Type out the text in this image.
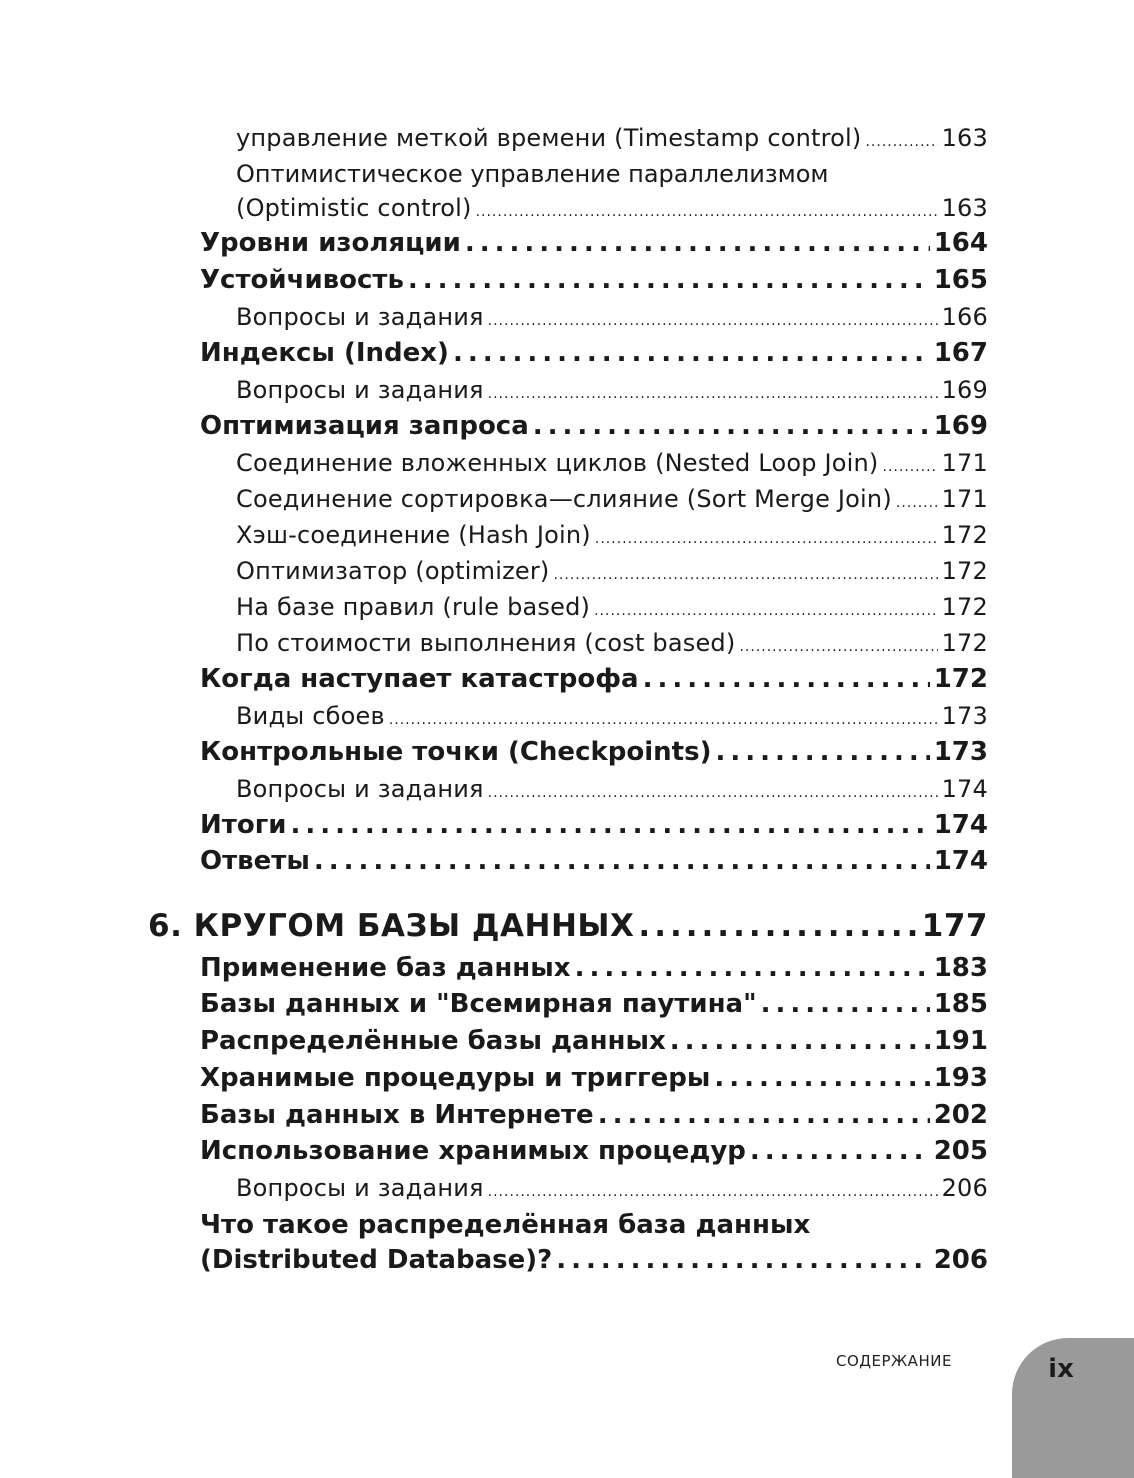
управление меткой времени (Timestamp control) .....	163
Оптимистическое управление параллелизмом
(Optimistic control) .....	163
Уровни изоляции .....	164
Устойчивость .....	165
Вопросы и задания .....	166
Индексы (Index) .....	167
Вопросы и задания .....	169
Оптимизация запроса .....	169
Соединение вложенных циклов (Nested Loop Join) .....	171
Соединение сортировка—слияние (Sort Merge Join) ..... 171
Хэш-соединение (Hash Join) .....	172
Оптимизатор (optimizer) .....	172
На базе правил (rule based) .....	172
По стоимости выполнения (cost based) .....	172
Когда наступает катастрофа .....	172
Виды сбоев .....	173
Контрольные точки (Checkpoints) .....	173
Вопросы и задания .....	174
Итоги .....	174
Ответы .....	174
6. КРУГОМ БАЗЫ ДАННЫХ .....	177
Применение баз данных .....	183
Базы данных и "Всемирная паутина" .....	185
Распределённые базы данных .....	191
Хранимые процедуры и триггеры .....	193
Базы данных в Интернете .....	202
Использование хранимых процедур .....	205
Вопросы и задания .....	206
Что такое распределённая база данных
(Distributed Database)? .....	206
СОДЕРЖАНИЕ	ix
